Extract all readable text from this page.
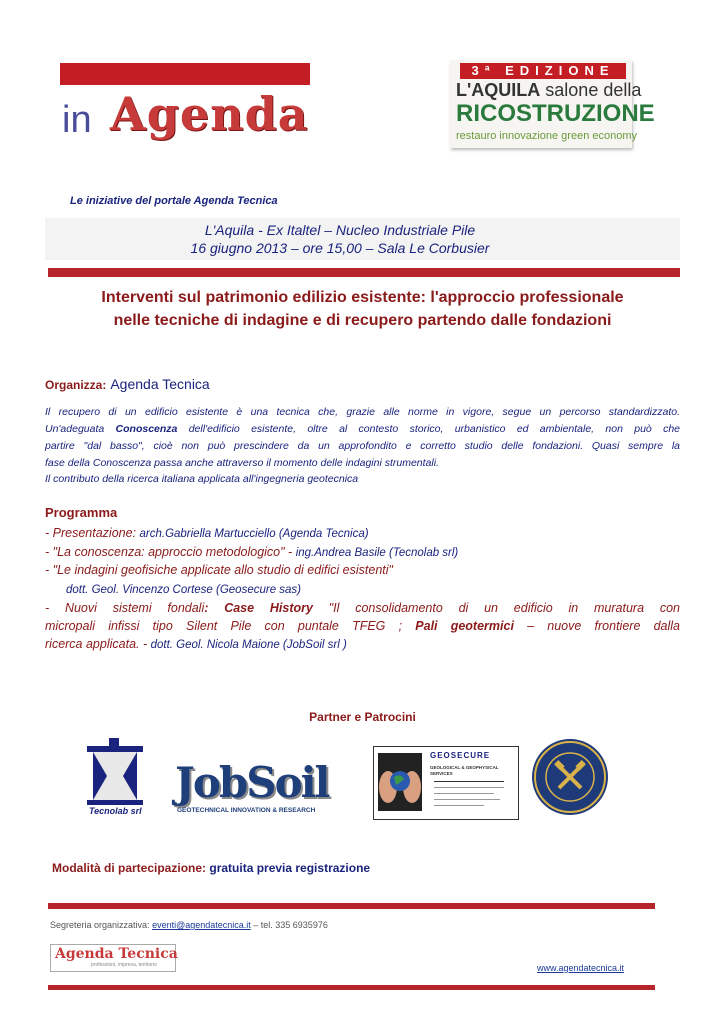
in Agenda
3ª EDIZIONE
L'AQUILA salone della
RICOSTRUZIONE
restauro innovazione green economy
Le iniziative del portale Agenda Tecnica
L'Aquila - Ex Italtel – Nucleo Industriale Pile
16 giugno 2013 – ore 15,00 – Sala Le Corbusier
Interventi sul patrimonio edilizio esistente: l'approccio professionale
nelle tecniche di indagine e di recupero partendo dalle fondazioni
Organizza: Agenda Tecnica
Il recupero di un edificio esistente è una tecnica che, grazie alle norme in vigore, segue un percorso standardizzato.
Un'adeguata Conoscenza dell'edificio esistente, oltre al contesto storico, urbanistico ed ambientale, non può che
partire "dal basso", cioè non può prescindere da un approfondito e corretto studio delle fondazioni. Quasi sempre la
fase della Conoscenza passa anche attraverso il momento delle indagini strumentali.
Il contributo della ricerca italiana applicata all'ingegneria geotecnica
Programma
- Presentazione: arch.Gabriella Martucciello (Agenda Tecnica)
- "La conoscenza: approccio metodologico" - ing.Andrea Basile (Tecnolab srl)
- "Le indagini geofisiche applicate allo studio di edifici esistenti"
dott. Geol. Vincenzo Cortese (Geosecure sas)
- Nuovi sistemi fondali: Case History "Il consolidamento di un edificio in muratura con
micropali infissi tipo Silent Pile con puntale TFEG ; Pali geotermici – nuove frontiere dalla
ricerca applicata. - dott. Geol. Nicola Maione (JobSoil srl )
Partner e Patrocini
Tecnolab srl
JobSoil
GEOTECHNICAL INNOVATION & RESEARCH
GEOSECURE
GEOLOGICAL & GEOPHYSICAL SERVICES
Modalità di partecipazione: gratuita previa registrazione
Segreteria organizzativa: eventi@agendatecnica.it – tel. 335 6935976
Agenda Tecnica
professioni, impresa, territorio	www.agendatecnica.it
